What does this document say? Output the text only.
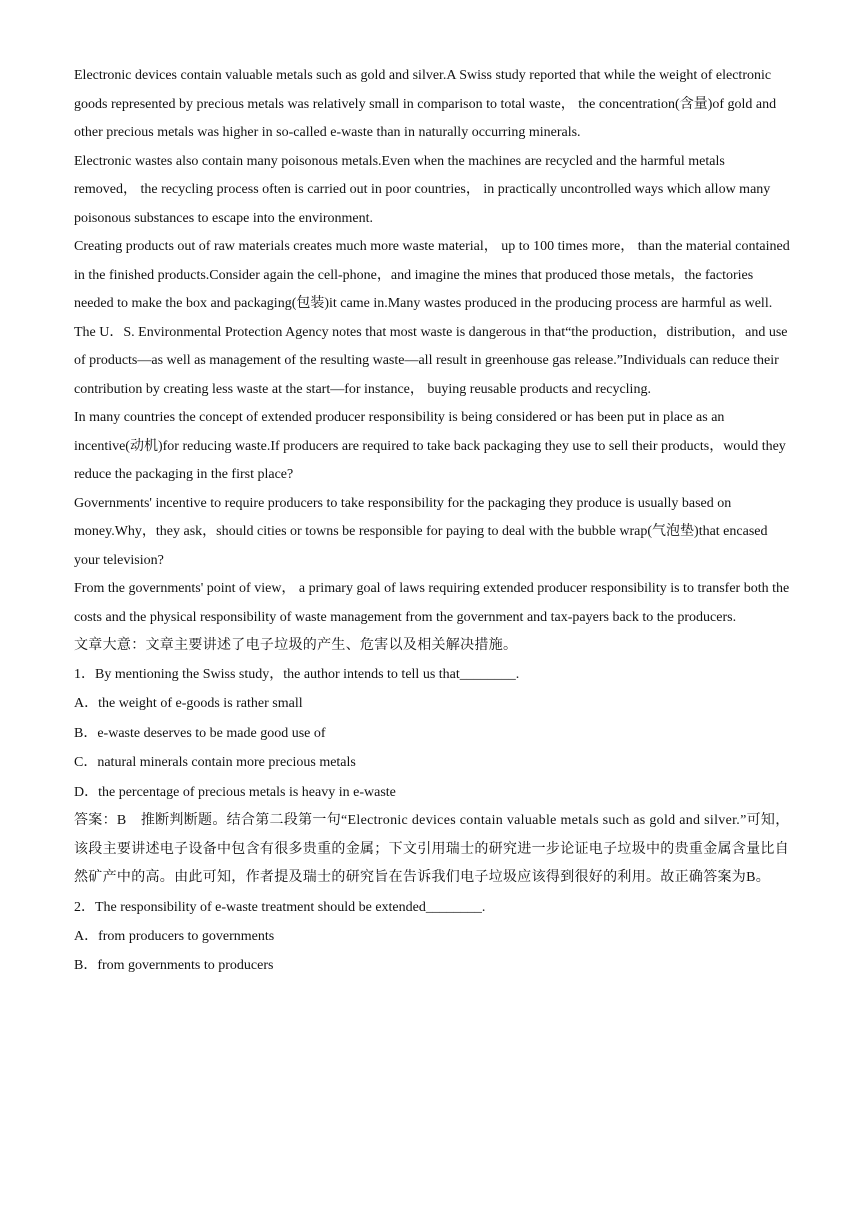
Electronic devices contain valuable metals such as gold and silver.A Swiss study reported that while the weight of electronic goods represented by precious metals was relatively small in comparison to total waste， the concentration(含量)of gold and other precious metals was higher in so-called e-waste than in naturally occurring minerals.

Electronic wastes also contain many poisonous metals.Even when the machines are recycled and the harmful metals removed， the recycling process often is carried out in poor countries， in practically uncontrolled ways which allow many poisonous substances to escape into the environment.

Creating products out of raw materials creates much more waste material， up to 100 times more， than the material contained in the finished products.Consider again the cell-phone，and imagine the mines that produced those metals，the factories needed to make the box and packaging(包装)it came in.Many wastes produced in the producing process are harmful as well.

The U．S. Environmental Protection Agency notes that most waste is dangerous in that“the production，distribution，and use of products—as well as management of the resulting waste—all result in greenhouse gas release.”Individuals can reduce their contribution by creating less waste at the start—for instance， buying reusable products and recycling.

In many countries the concept of extended producer responsibility is being considered or has been put in place as an incentive(动机)for reducing waste.If producers are required to take back packaging they use to sell their products，would they reduce the packaging in the first place?

Governments' incentive to require producers to take responsibility for the packaging they produce is usually based on money.Why，they ask，should cities or towns be responsible for paying to deal with the bubble wrap(气泡垫)that encased your television?

From the governments' point of view， a primary goal of laws requiring extended producer responsibility is to transfer both the costs and the physical responsibility of waste management from the government and tax-payers back to the producers.

文章大意：文章主要讲述了电子垃圾的产生、危害以及相关解决措施。

1．By mentioning the Swiss study，the author intends to tell us that________.

A．the weight of e-goods is rather small

B．e-waste deserves to be made good use of

C．natural minerals contain more precious metals

D．the percentage of precious metals is heavy in e-waste

答案：B　推断判断题。结合第二段第一句“Electronic devices contain valuable metals such as gold and silver.”可知，该段主要讲述电子设备中包含有很多贵重的金属；下文引用瑞士的研究进一步论证电子垃圾中的贵重金属含量比自然矿产中的高。由此可知，作者提及瑞士的研究旨在告诉我们电子垃圾应该得到很好的利用。故正确答案为B。

2．The responsibility of e-waste treatment should be extended________.

A．from producers to governments

B．from governments to producers
